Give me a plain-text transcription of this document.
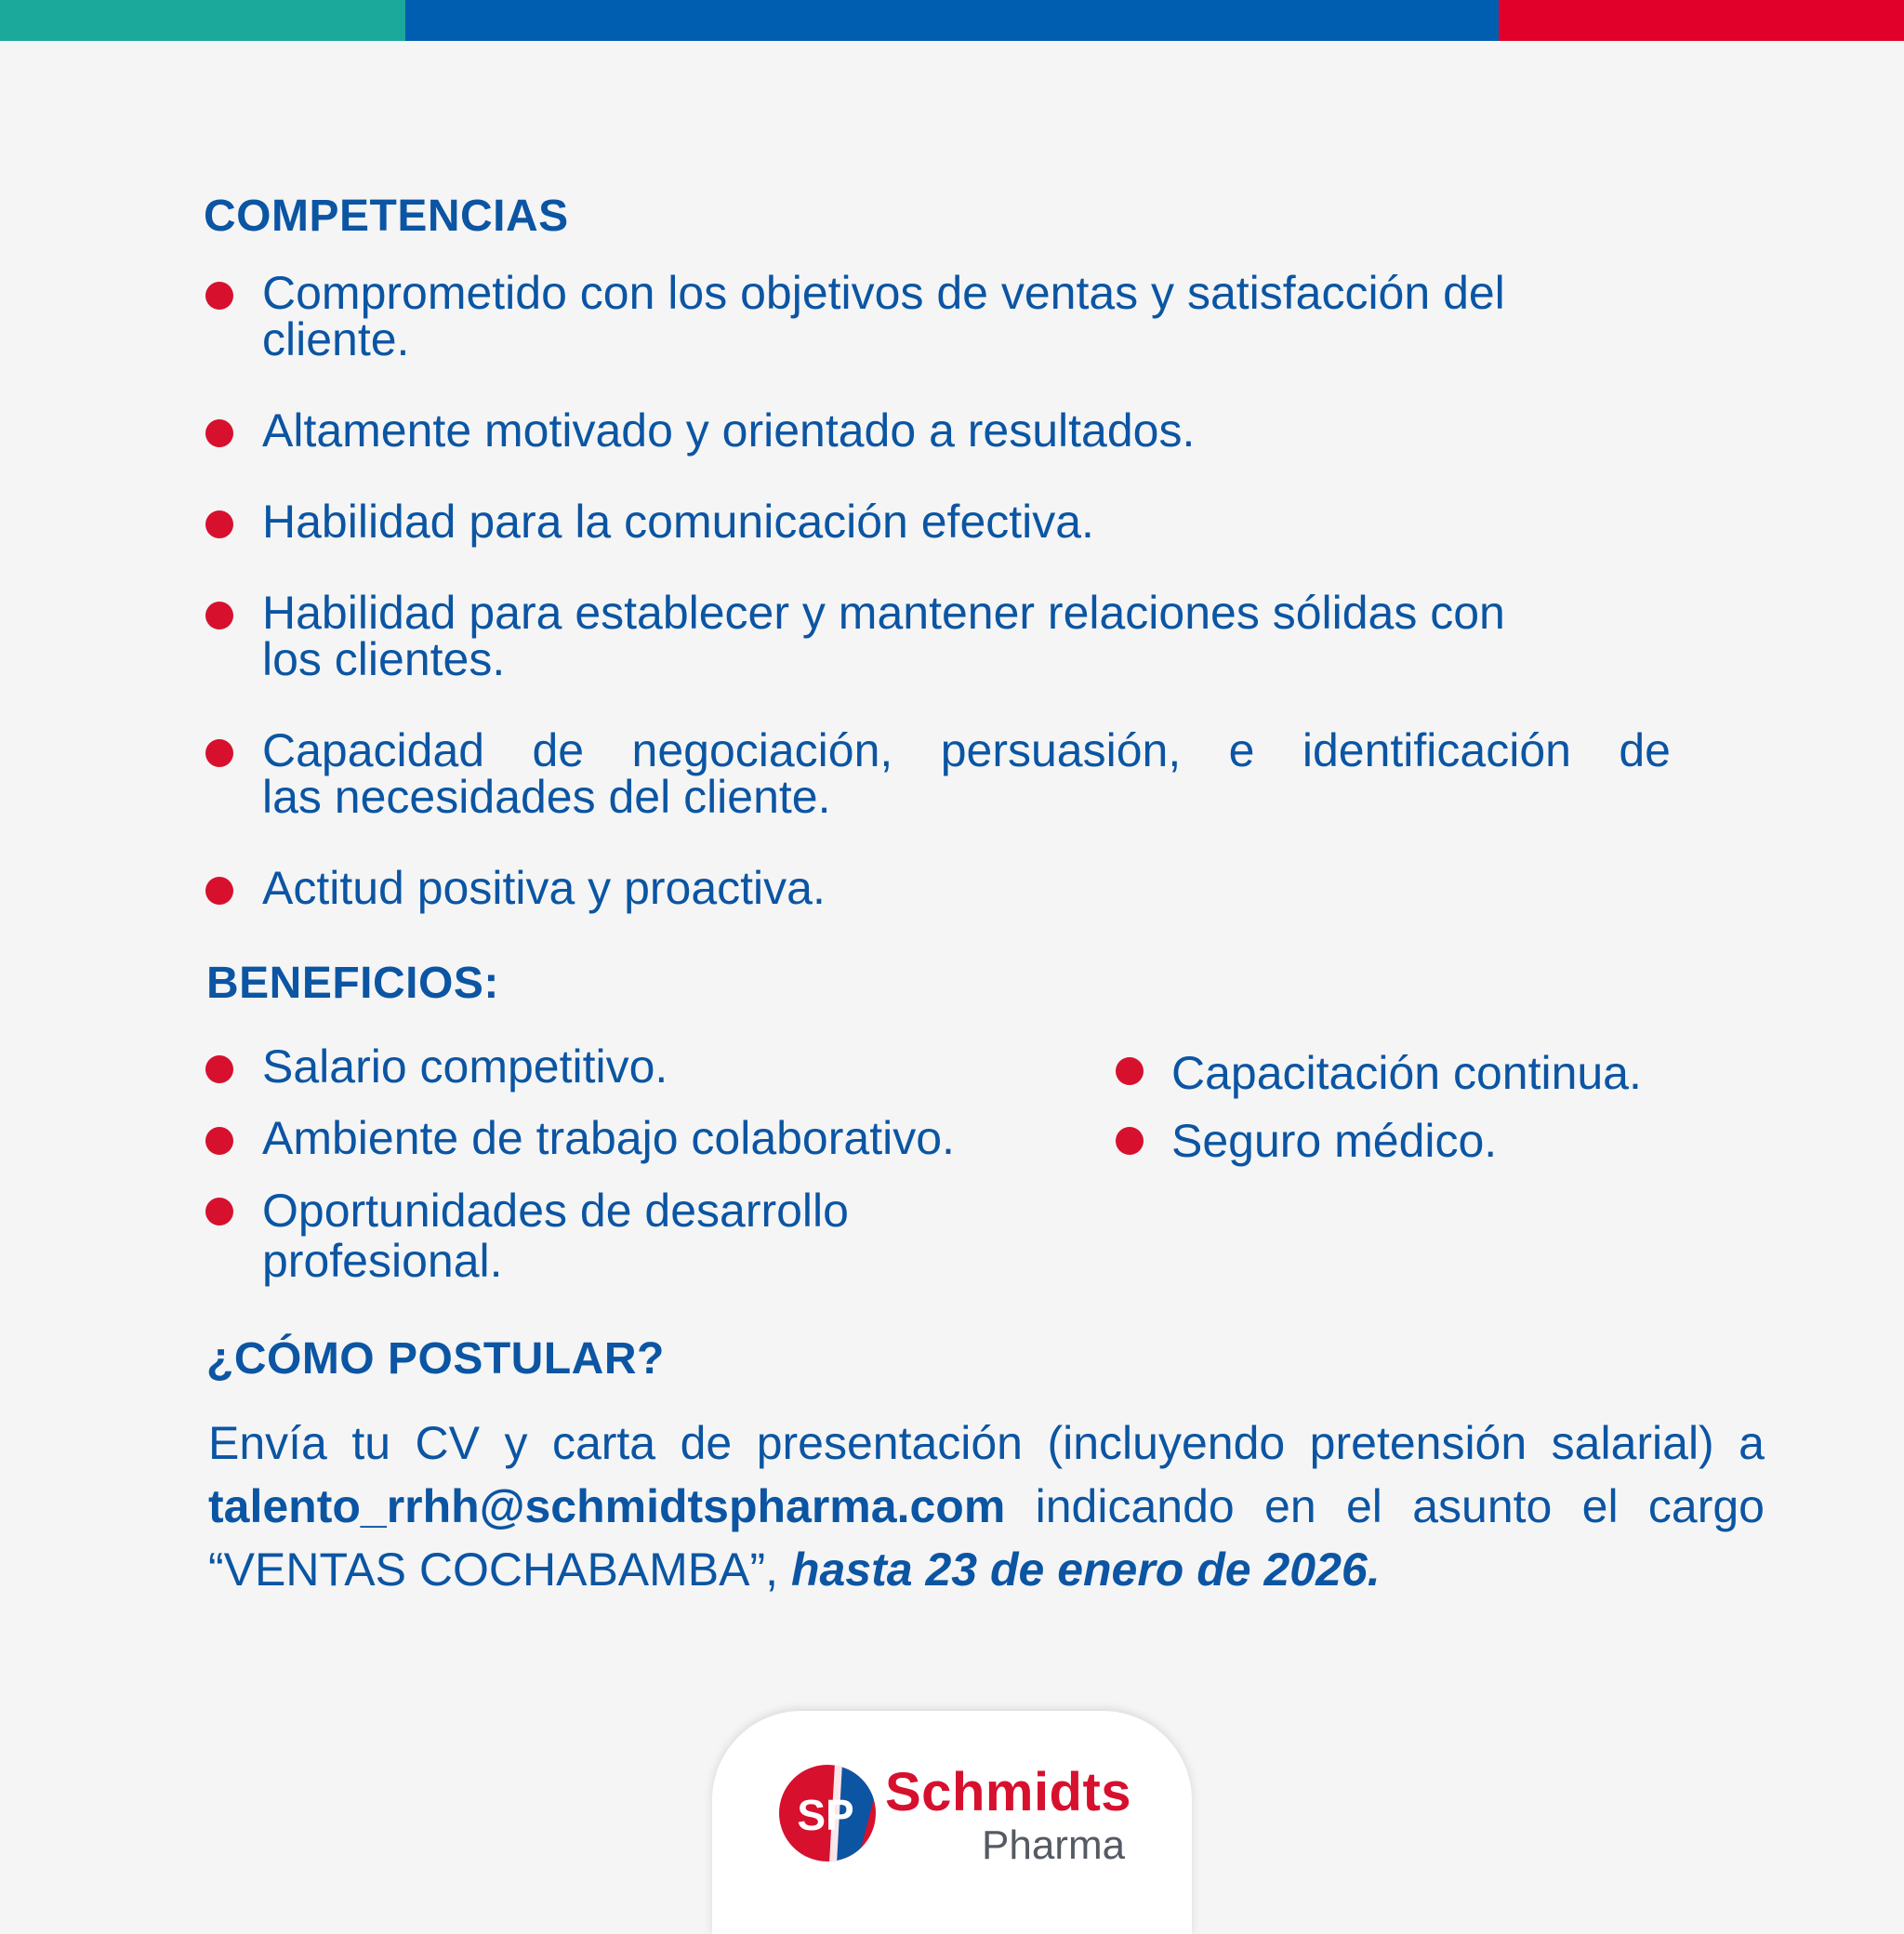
COMPETENCIAS

Comprometido con los objetivos de ventas y satisfacción del
cliente.

Altamente motivado y orientado a resultados.

Habilidad para la comunicación efectiva.

Habilidad para establecer y mantener relaciones sólidas con
los clientes.

Capacidad de negociación, persuasión, e identificación de
las necesidades del cliente.

Actitud positiva y proactiva.

BENEFICIOS:

Salario competitivo.

Ambiente de trabajo colaborativo.

Oportunidades de desarrollo
profesional.

Capacitación continua.

Seguro médico.

¿CÓMO POSTULAR?

Envía tu CV y carta de presentación (incluyendo pretensión salarial) a talento_rrhh@schmidtspharma.com indicando en el asunto el cargo “VENTAS COCHABAMBA”, hasta 23 de enero de 2026.

SP Schmidts
Pharma
